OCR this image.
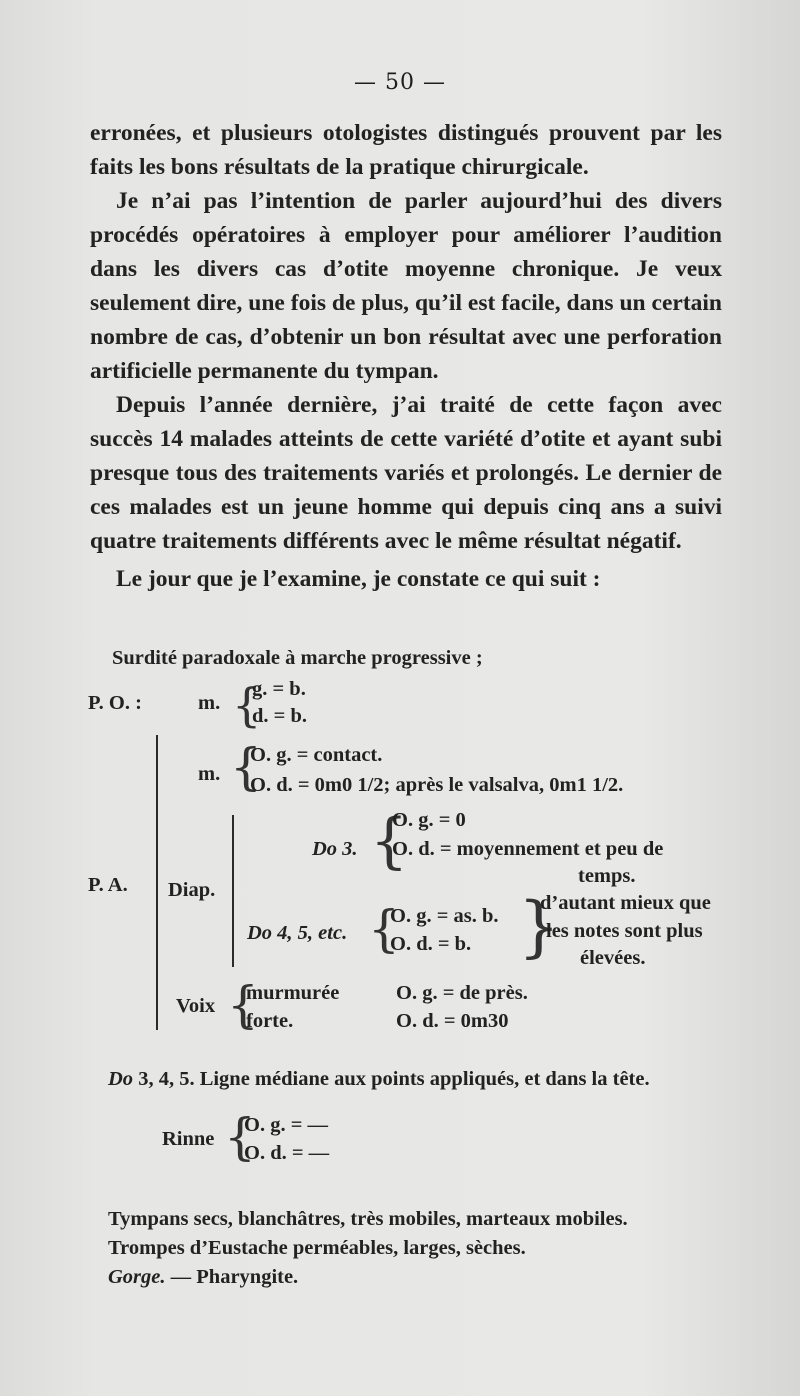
— 50 —

erronées, et plusieurs otologistes distingués prouvent par les faits les bons résultats de la pratique chirurgicale.

Je n’ai pas l’intention de parler aujourd’hui des divers procédés opératoires à employer pour améliorer l’audition dans les divers cas d’otite moyenne chronique. Je veux seulement dire, une fois de plus, qu’il est facile, dans un certain nombre de cas, d’obtenir un bon résultat avec une perforation artificielle permanente du tympan.

Depuis l’année dernière, j’ai traité de cette façon avec succès 14 malades atteints de cette variété d’otite et ayant subi presque tous des traitements variés et prolongés. Le dernier de ces malades est un jeune homme qui depuis cinq ans a suivi quatre traitements différents avec le même résultat négatif.

Le jour que je l’examine, je constate ce qui suit :

Surdité paradoxale à marche progressive ;
P. O. :	m. {
g. = b.
d. = b.
P. A.
m. {
O. g. = contact.
O. d. = 0m0 1/2; après le valsalva, 0m1 1/2.
Diap.
Do 3. {
O. g. = 0
O. d. = moyennement et peu de
temps.
Do 4, 5, etc. {
O. g. = as. b.
O. d. = b. }
d’autant mieux que
les notes sont plus
élevées.
Voix {
murmurée
forte.
O. g. = de près.
O. d. = 0m30
Do 3, 4, 5. Ligne médiane aux points appliqués, et dans la tête.
Rinne {
O. g. = —
O. d. = —
Tympans secs, blanchâtres, très mobiles, marteaux mobiles.
Trompes d’Eustache perméables, larges, sèches.
Gorge. — Pharyngite.
